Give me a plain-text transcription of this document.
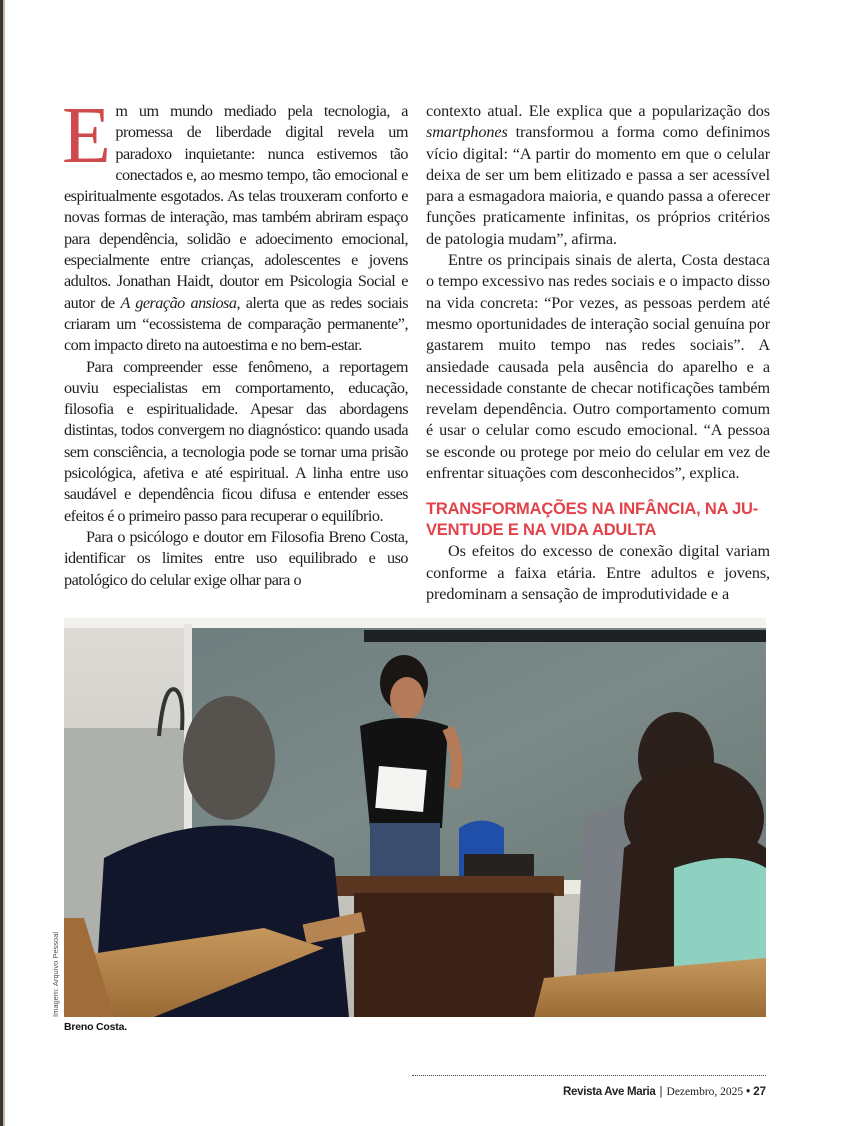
Em um mundo mediado pela tecnologia, a promessa de liberdade digital revela um paradoxo inquietante: nunca estivemos tão conectados e, ao mesmo tempo, tão emocional e espiritualmente esgotados. As telas trouxeram conforto e novas formas de interação, mas também abriram espaço para dependência, solidão e adoecimento emocional, especialmente entre crianças, adolescentes e jovens adultos. Jonathan Haidt, doutor em Psicologia Social e autor de A geração ansiosa, alerta que as redes sociais criaram um “ecossistema de comparação permanente”, com impacto direto na autoestima e no bem-estar.

Para compreender esse fenômeno, a reportagem ouviu especialistas em comportamento, educação, filosofia e espiritualidade. Apesar das abordagens distintas, todos convergem no diagnóstico: quando usada sem consciência, a tecnologia pode se tornar uma prisão psicológica, afetiva e até espiritual. A linha entre uso saudável e dependência ficou difusa e entender esses efeitos é o primeiro passo para recuperar o equilíbrio.

Para o psicólogo e doutor em Filosofia Breno Costa, identificar os limites entre uso equilibrado e uso patológico do celular exige olhar para o

contexto atual. Ele explica que a popularização dos smartphones transformou a forma como definimos vício digital: “A partir do momento em que o celular deixa de ser um bem elitizado e passa a ser acessível para a esmagadora maioria, e quando passa a oferecer funções praticamente infinitas, os próprios critérios de patologia mudam”, afirma.

Entre os principais sinais de alerta, Costa destaca o tempo excessivo nas redes sociais e o impacto disso na vida concreta: “Por vezes, as pessoas perdem até mesmo oportunidades de interação social genuína por gastarem muito tempo nas redes sociais”. A ansiedade causada pela ausência do aparelho e a necessidade constante de checar notificações também revelam dependência. Outro comportamento comum é usar o celular como escudo emocional. “A pessoa se esconde ou protege por meio do celular em vez de enfrentar situações com desconhecidos”, explica.

TRANSFORMAÇÕES NA INFÂNCIA, NA JUVENTUDE E NA VIDA ADULTA

Os efeitos do excesso de conexão digital variam conforme a faixa etária. Entre adultos e jovens, predominam a sensação de improdutividade e a

Imagem: Arquivo Pessoal
Breno Costa.
Revista Ave Maria | Dezembro, 2025 • 27
